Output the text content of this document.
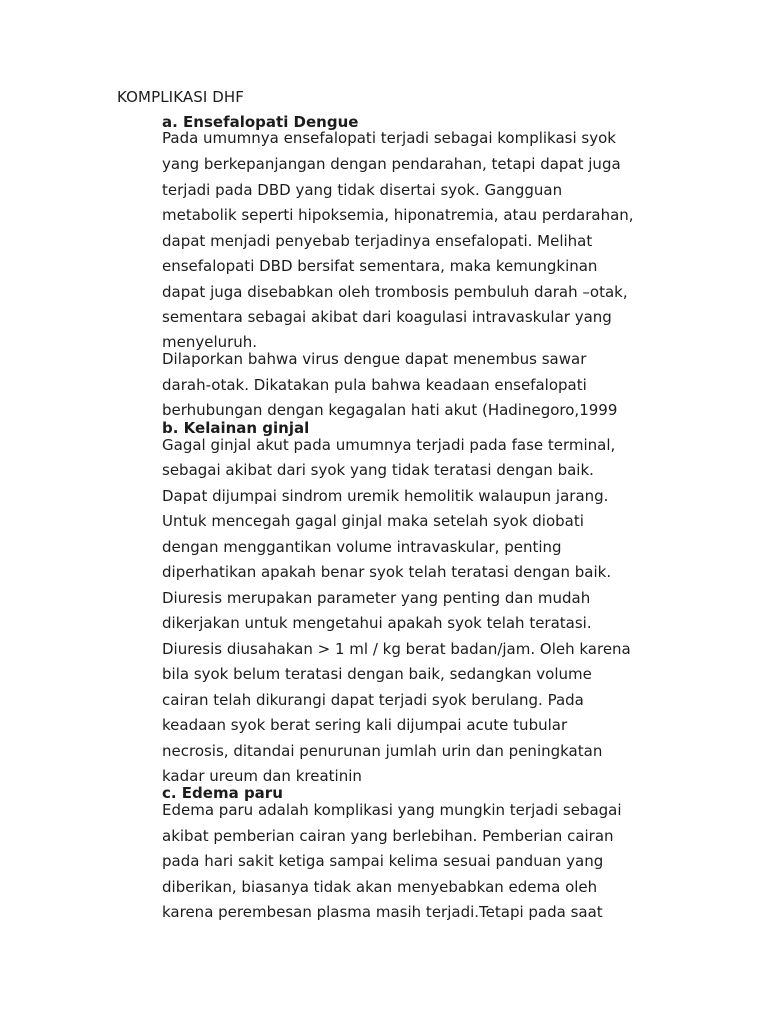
KOMPLIKASI DHF
a. Ensefalopati Dengue
Pada umumnya ensefalopati terjadi sebagai komplikasi syok
yang berkepanjangan dengan pendarahan, tetapi dapat juga
terjadi pada DBD yang tidak disertai syok. Gangguan
metabolik seperti hipoksemia, hiponatremia, atau perdarahan,
dapat menjadi penyebab terjadinya ensefalopati. Melihat
ensefalopati DBD bersifat sementara, maka kemungkinan
dapat juga disebabkan oleh trombosis pembuluh darah –otak,
sementara sebagai akibat dari koagulasi intravaskular yang
menyeluruh.
Dilaporkan bahwa virus dengue dapat menembus sawar
darah-otak. Dikatakan pula bahwa keadaan ensefalopati
berhubungan dengan kegagalan hati akut (Hadinegoro,1999
b. Kelainan ginjal
Gagal ginjal akut pada umumnya terjadi pada fase terminal,
sebagai akibat dari syok yang tidak teratasi dengan baik.
Dapat dijumpai sindrom uremik hemolitik walaupun jarang.
Untuk mencegah gagal ginjal maka setelah syok diobati
dengan menggantikan volume intravaskular, penting
diperhatikan apakah benar syok telah teratasi dengan baik.
Diuresis merupakan parameter yang penting dan mudah
dikerjakan untuk mengetahui apakah syok telah teratasi.
Diuresis diusahakan > 1 ml / kg berat badan/jam. Oleh karena
bila syok belum teratasi dengan baik, sedangkan volume
cairan telah dikurangi dapat terjadi syok berulang. Pada
keadaan syok berat sering kali dijumpai acute tubular
necrosis, ditandai penurunan jumlah urin dan peningkatan
kadar ureum dan kreatinin
c. Edema paru
Edema paru adalah komplikasi yang mungkin terjadi sebagai
akibat pemberian cairan yang berlebihan. Pemberian cairan
pada hari sakit ketiga sampai kelima sesuai panduan yang
diberikan, biasanya tidak akan menyebabkan edema oleh
karena perembesan plasma masih terjadi.Tetapi pada saat
